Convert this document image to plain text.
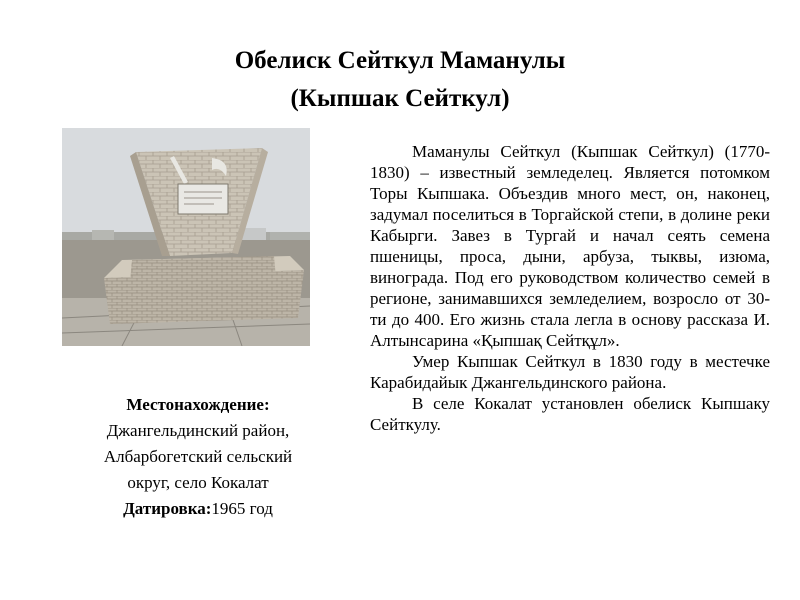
Обелиск Сейткул Маманулы
(Кыпшак Сейткул)
Местонахождение:
Джангельдинский район,
Албарбогетский сельский
округ, село Кокалат
Датировка:1965 год

Маманулы Сейткул (Кыпшак Сейткул) (1770-1830) – известный земледелец. Является потомком Торы Кыпшака. Объездив много мест, он, наконец, задумал поселиться в Торгайской степи, в долине реки Кабырги. Завез в Тургай и начал сеять семена пшеницы, проса, дыни, арбуза, тыквы, изюма, винограда. Под его руководством количество семей в регионе, занимавшихся земледелием, возросло от 30-ти до 400. Его жизнь стала легла в основу рассказа И. Алтынсарина «Қыпшақ Сейтқұл».

Умер Кыпшак Сейткул в 1830 году в местечке Карабидайык Джангельдинского района.

В селе Кокалат установлен обелиск Кыпшаку Сейткулу.
